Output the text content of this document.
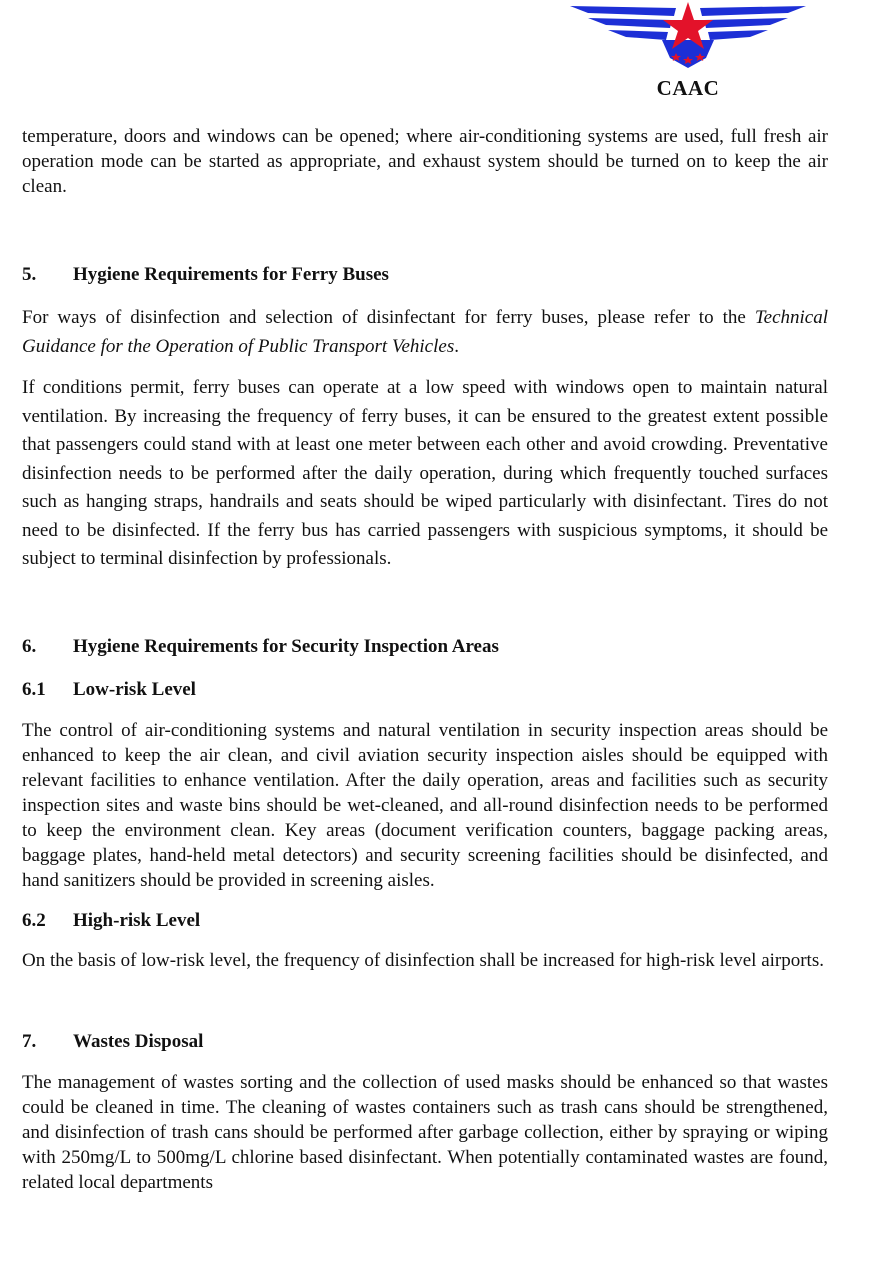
CAAC

temperature, doors and windows can be opened; where air-conditioning systems are used, full fresh air operation mode can be started as appropriate, and exhaust system should be turned on to keep the air clean.

5.	Hygiene Requirements for Ferry Buses

For ways of disinfection and selection of disinfectant for ferry buses, please refer to the Technical Guidance for the Operation of Public Transport Vehicles.

If conditions permit, ferry buses can operate at a low speed with windows open to maintain natural ventilation. By increasing the frequency of ferry buses, it can be ensured to the greatest extent possible that passengers could stand with at least one meter between each other and avoid crowding. Preventative disinfection needs to be performed after the daily operation, during which frequently touched surfaces such as hanging straps, handrails and seats should be wiped particularly with disinfectant. Tires do not need to be disinfected. If the ferry bus has carried passengers with suspicious symptoms, it should be subject to terminal disinfection by professionals.

6.	Hygiene Requirements for Security Inspection Areas
6.1	Low-risk Level

The control of air-conditioning systems and natural ventilation in security inspection areas should be enhanced to keep the air clean, and civil aviation security inspection aisles should be equipped with relevant facilities to enhance ventilation. After the daily operation, areas and facilities such as security inspection sites and waste bins should be wet-cleaned, and all-round disinfection needs to be performed to keep the environment clean. Key areas (document verification counters, baggage packing areas, baggage plates, hand-held metal detectors) and security screening facilities should be disinfected, and hand sanitizers should be provided in screening aisles.

6.2	High-risk Level

On the basis of low-risk level, the frequency of disinfection shall be increased for high-risk level airports.

7.	Wastes Disposal

The management of wastes sorting and the collection of used masks should be enhanced so that wastes could be cleaned in time. The cleaning of wastes containers such as trash cans should be strengthened, and disinfection of trash cans should be performed after garbage collection, either by spraying or wiping with 250mg/L to 500mg/L chlorine based disinfectant. When potentially contaminated wastes are found, related local departments
